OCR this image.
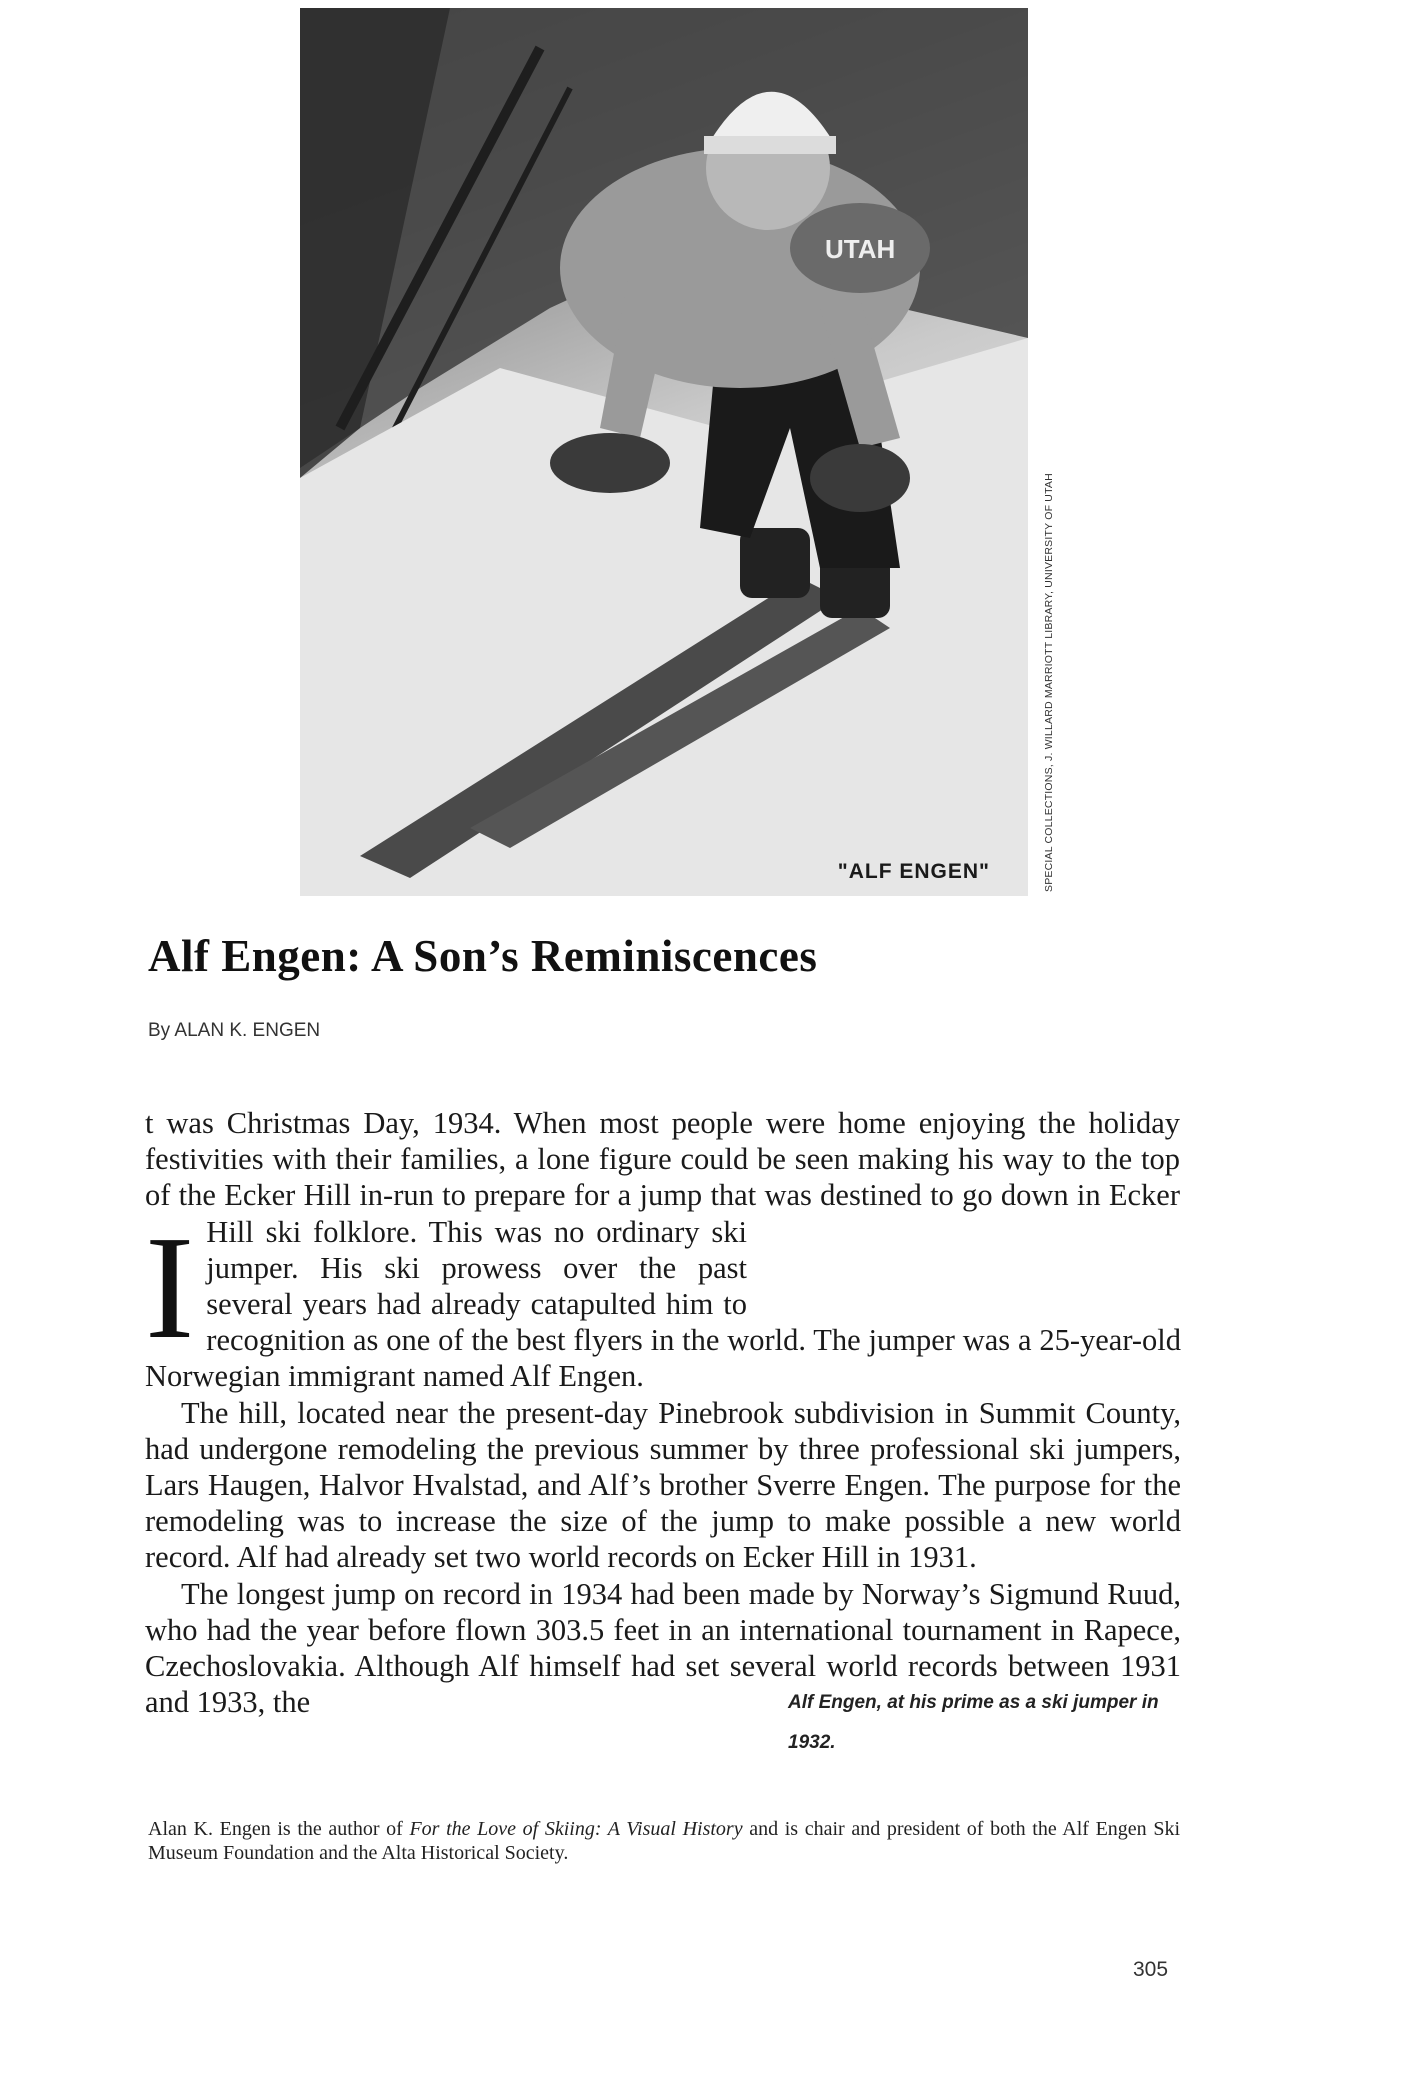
UTAH
"ALF ENGEN"	SPECIAL COLLECTIONS, J. WILLARD MARRIOTT LIBRARY, UNIVERSITY OF UTAH
Alf Engen: A Son’s Reminiscences
By ALAN K. ENGEN

I
t was Christmas Day, 1934. When most people were home enjoying the holiday festivities with their families, a lone figure could be seen making his way to the top of the Ecker Hill in-run to prepare for a jump that was destined to go down in Ecker Hill ski folklore. This was no ordinary ski jumper. His ski prowess over the past several years had already catapulted him to recognition as one of the best flyers in the world. The jumper was a 25-year-old Norwegian immigrant named Alf Engen.

The hill, located near the present-day Pinebrook subdivision in Summit County, had undergone remodeling the previous summer by three professional ski jumpers, Lars Haugen, Halvor Hvalstad, and Alf’s brother Sverre Engen. The purpose for the remodeling was to increase the size of the jump to make possible a new world record. Alf had already set two world records on Ecker Hill in 1931.

The longest jump on record in 1934 had been made by Norway’s Sigmund Ruud, who had the year before flown 303.5 feet in an international tournament in Rapece, Czechoslovakia. Although Alf himself had set several world records between 1931 and 1933, the	Alf Engen, at his prime as a ski jumper in 1932.
Alan K. Engen is the author of For the Love of Skiing: A Visual History and is chair and president of both the Alf Engen Ski Museum Foundation and the Alta Historical Society.
305
